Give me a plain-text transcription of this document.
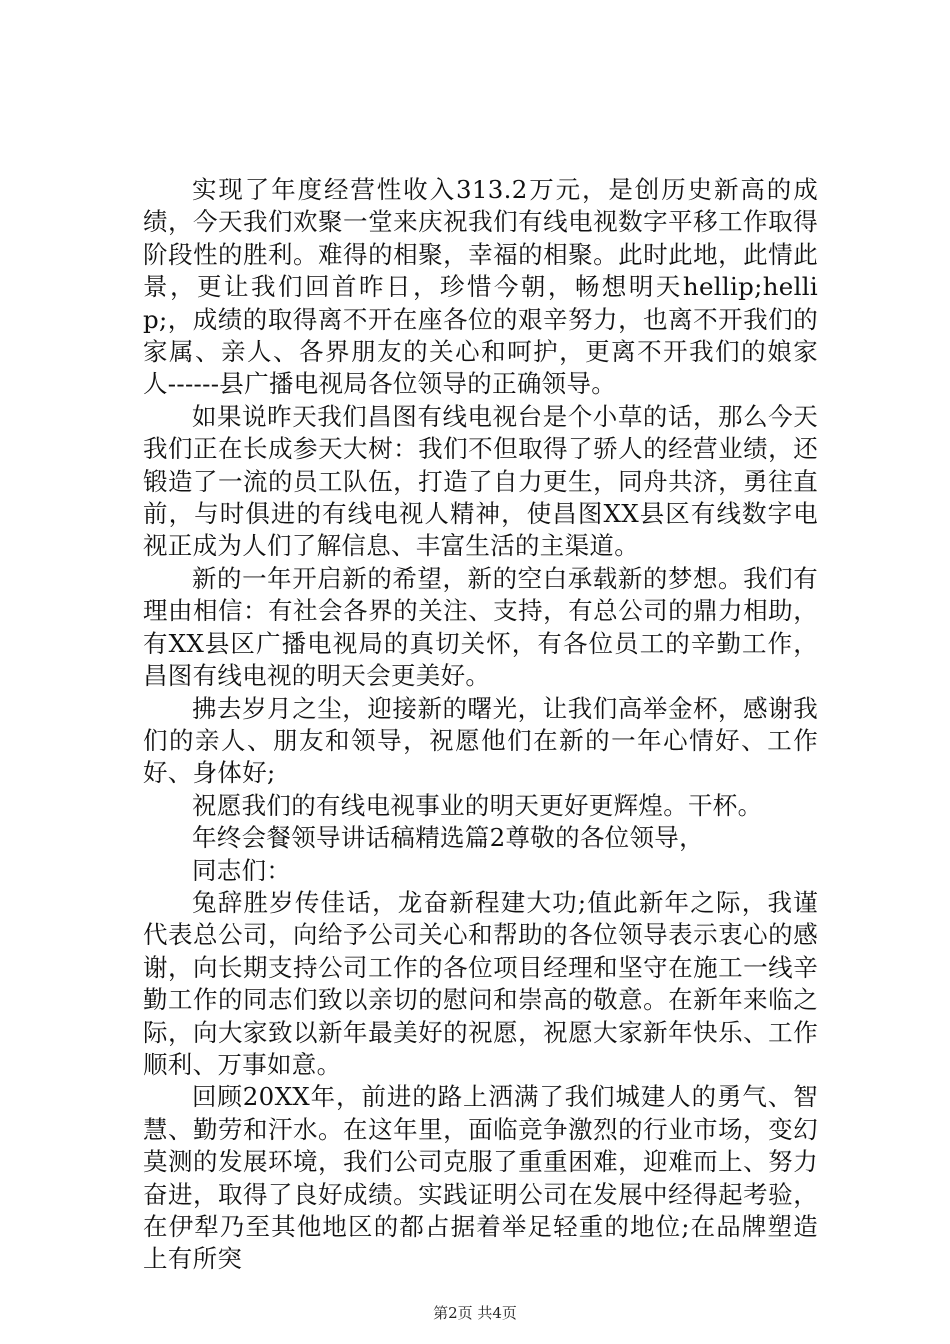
实现了年度经营性收入313.2万元，是创历史新高的成绩，今天我们欢聚一堂来庆祝我们有线电视数字平移工作取得阶段性的胜利。难得的相聚，幸福的相聚。此时此地，此情此景，更让我们回首昨日，珍惜今朝，畅想明天hellip;hellip;，成绩的取得离不开在座各位的艰辛努力，也离不开我们的家属、亲人、各界朋友的关心和呵护，更离不开我们的娘家人------县广播电视局各位领导的正确领导。

如果说昨天我们昌图有线电视台是个小草的话，那么今天我们正在长成参天大树：我们不但取得了骄人的经营业绩，还锻造了一流的员工队伍，打造了自力更生，同舟共济，勇往直前，与时俱进的有线电视人精神，使昌图XX县区有线数字电视正成为人们了解信息、丰富生活的主渠道。

新的一年开启新的希望，新的空白承载新的梦想。我们有理由相信：有社会各界的关注、支持，有总公司的鼎力相助，有XX县区广播电视局的真切关怀，有各位员工的辛勤工作，昌图有线电视的明天会更美好。

拂去岁月之尘，迎接新的曙光，让我们高举金杯，感谢我们的亲人、朋友和领导，祝愿他们在新的一年心情好、工作好、身体好;

祝愿我们的有线电视事业的明天更好更辉煌。干杯。

年终会餐领导讲话稿精选篇2尊敬的各位领导，

同志们：

兔辞胜岁传佳话，龙奋新程建大功;值此新年之际，我谨代表总公司，向给予公司关心和帮助的各位领导表示衷心的感谢，向长期支持公司工作的各位项目经理和坚守在施工一线辛勤工作的同志们致以亲切的慰问和崇高的敬意。在新年来临之际，向大家致以新年最美好的祝愿，祝愿大家新年快乐、工作顺利、万事如意。

回顾20XX年，前进的路上洒满了我们城建人的勇气、智慧、勤劳和汗水。在这年里，面临竞争激烈的行业市场，变幻莫测的发展环境，我们公司克服了重重困难，迎难而上、努力奋进，取得了良好成绩。实践证明公司在发展中经得起考验，在伊犁乃至其他地区的都占据着举足轻重的地位;在品牌塑造上有所突

第2页 共4页
